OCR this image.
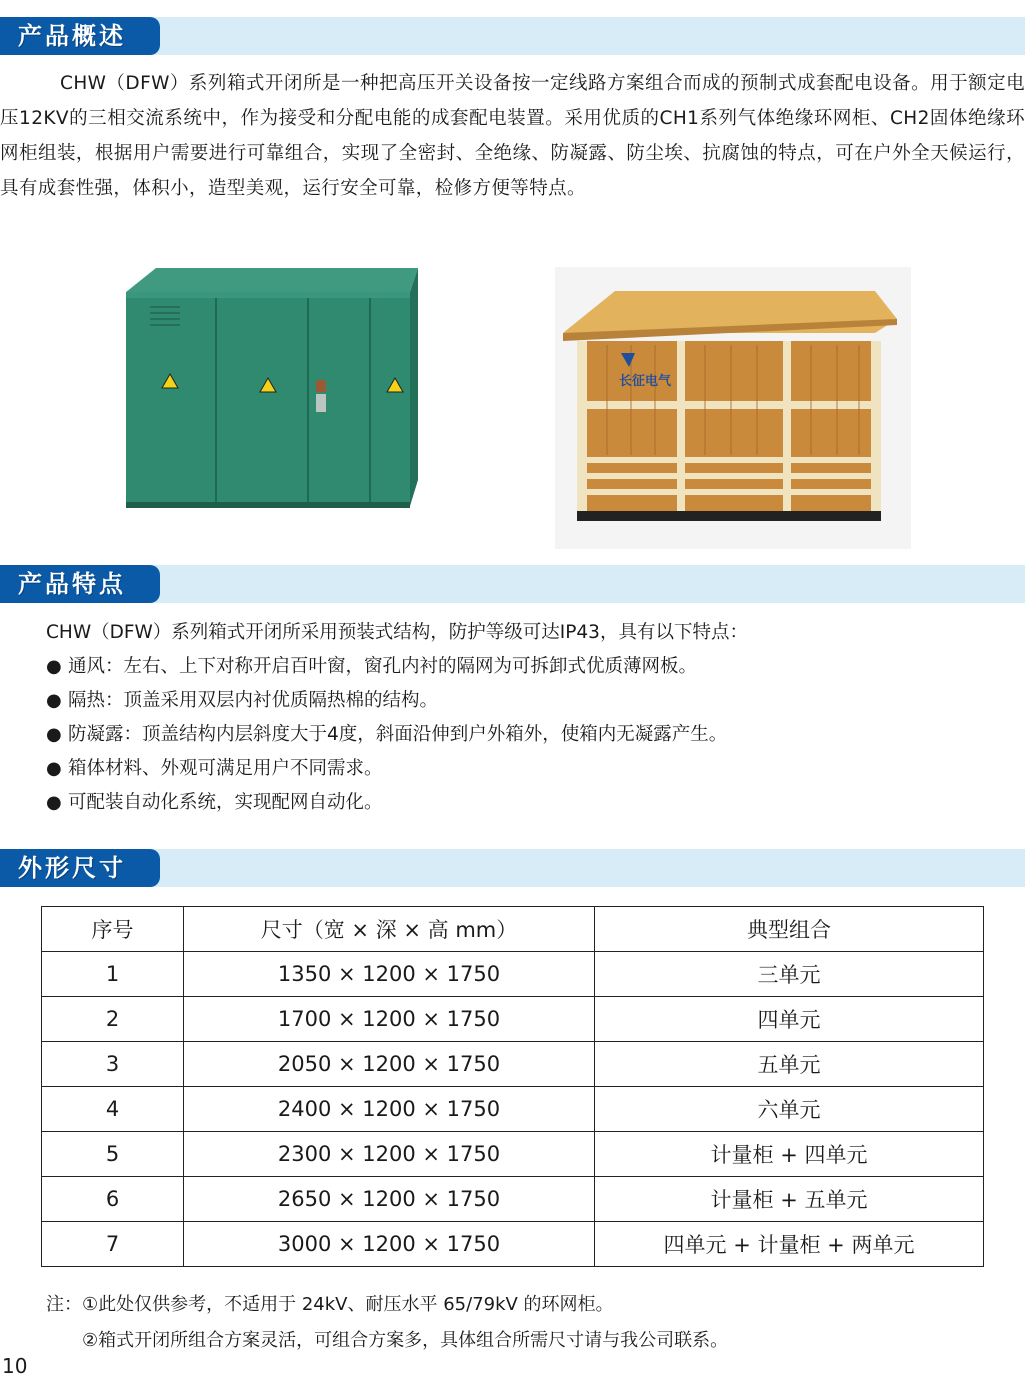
产品概述

CHW（DFW）系列箱式开闭所是一种把高压开关设备按一定线路方案组合而成的预制式成套配电设备。用于额定电压12KV的三相交流系统中，作为接受和分配电能的成套配电装置。采用优质的CH1系列气体绝缘环网柜、CH2固体绝缘环网柜组装，根据用户需要进行可靠组合，实现了全密封、全绝缘、防凝露、防尘埃、抗腐蚀的特点，可在户外全天候运行，具有成套性强，体积小，造型美观，运行安全可靠，检修方便等特点。

长征电气
产品特点
CHW（DFW）系列箱式开闭所采用预装式结构，防护等级可达IP43，具有以下特点：
● 通风：左右、上下对称开启百叶窗，窗孔内衬的隔网为可拆卸式优质薄网板。
● 隔热：顶盖采用双层内衬优质隔热棉的结构。
● 防凝露：顶盖结构内层斜度大于4度，斜面沿伸到户外箱外，使箱内无凝露产生。
● 箱体材料、外观可满足用户不同需求。
● 可配装自动化系统，实现配网自动化。
外形尺寸
序号	尺寸（宽 × 深 × 高 mm）	典型组合
1	1350 × 1200 × 1750	三单元
2	1700 × 1200 × 1750	四单元
3	2050 × 1200 × 1750	五单元
4	2400 × 1200 × 1750	六单元
5	2300 × 1200 × 1750	计量柜 + 四单元
6	2650 × 1200 × 1750	计量柜 + 五单元
7	3000 × 1200 × 1750	四单元 + 计量柜 + 两单元
注：①此处仅供参考，不适用于 24kV、耐压水平 65/79kV 的环网柜。
②箱式开闭所组合方案灵活，可组合方案多，具体组合所需尺寸请与我公司联系。
10
